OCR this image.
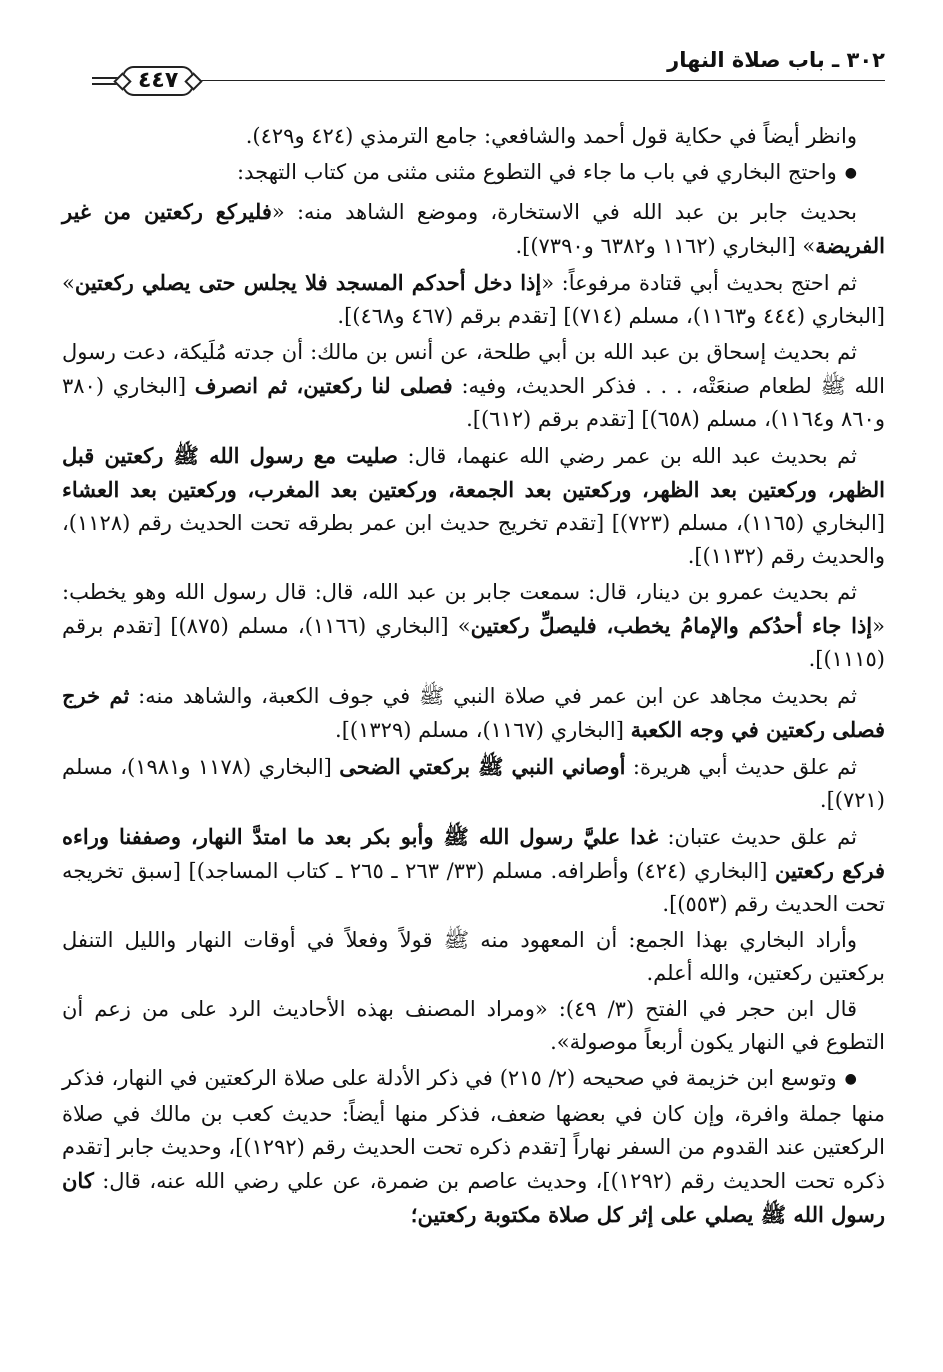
٣٠٢ ـ باب صلاة النهار
٤٤٧

وانظر أيضاً في حكاية قول أحمد والشافعي: جامع الترمذي (٤٢٤ و٤٢٩).

● واحتج البخاري في باب ما جاء في التطوع مثنى مثنى من كتاب التهجد:

بحديث جابر بن عبد الله في الاستخارة، وموضع الشاهد منه: «فليركع ركعتين من غير الفريضة» [البخاري (١١٦٢ و٦٣٨٢ و٧٣٩٠)].

ثم احتج بحديث أبي قتادة مرفوعاً: «إذا دخل أحدكم المسجد فلا يجلس حتى يصلي ركعتين» [البخاري (٤٤٤ و١١٦٣)، مسلم (٧١٤)] [تقدم برقم (٤٦٧ و٤٦٨)].

ثم بحديث إسحاق بن عبد الله بن أبي طلحة، عن أنس بن مالك: أن جدته مُلَيكة، دعت رسول الله ﷺ لطعام صنعَتْه، . . . فذكر الحديث، وفيه: فصلى لنا ركعتين، ثم انصرف [البخاري (٣٨٠ و٨٦٠ و١١٦٤)، مسلم (٦٥٨)] [تقدم برقم (٦١٢)].

ثم بحديث عبد الله بن عمر رضي الله عنهما، قال: صليت مع رسول الله ﷺ ركعتين قبل الظهر، وركعتين بعد الظهر، وركعتين بعد الجمعة، وركعتين بعد المغرب، وركعتين بعد العشاء [البخاري (١١٦٥)، مسلم (٧٢٣)] [تقدم تخريج حديث ابن عمر بطرقه تحت الحديث رقم (١١٢٨)، والحديث رقم (١١٣٢)].

ثم بحديث عمرو بن دينار، قال: سمعت جابر بن عبد الله، قال: قال رسول الله وهو يخطب: «إذا جاء أحدُكم والإمامُ يخطب، فليصلِّ ركعتين» [البخاري (١١٦٦)، مسلم (٨٧٥)] [تقدم برقم (١١١٥)].

ثم بحديث مجاهد عن ابن عمر في صلاة النبي ﷺ في جوف الكعبة، والشاهد منه: ثم خرج فصلى ركعتين في وجه الكعبة [البخاري (١١٦٧)، مسلم (١٣٢٩)].

ثم علق حديث أبي هريرة: أوصاني النبي ﷺ بركعتي الضحى [البخاري (١١٧٨ و١٩٨١)، مسلم (٧٢١)].

ثم علق حديث عتبان: غدا عليَّ رسول الله ﷺ وأبو بكر بعد ما امتدَّ النهار، وصففنا وراءه فركع ركعتين [البخاري (٤٢٤) وأطرافه. مسلم (٣٣/ ٢٦٣ ـ ٢٦٥ ـ كتاب المساجد)] [سبق تخريجه تحت الحديث رقم (٥٥٣)].

وأراد البخاري بهذا الجمع: أن المعهود منه ﷺ قولاً وفعلاً في أوقات النهار والليل التنفل بركعتين ركعتين، والله أعلم.

قال ابن حجر في الفتح (٣/ ٤٩): «ومراد المصنف بهذه الأحاديث الرد على من زعم أن التطوع في النهار يكون أربعاً موصولة».

● وتوسع ابن خزيمة في صحيحه (٢/ ٢١٥) في ذكر الأدلة على صلاة الركعتين في النهار، فذكر منها جملة وافرة، وإن كان في بعضها ضعف، فذكر منها أيضاً: حديث كعب بن مالك في صلاة الركعتين عند القدوم من السفر نهاراً [تقدم ذكره تحت الحديث رقم (١٢٩٢)]، وحديث جابر [تقدم ذكره تحت الحديث رقم (١٢٩٢)]، وحديث عاصم بن ضمرة، عن علي رضي الله عنه، قال: كان رسول الله ﷺ يصلي على إثر كل صلاة مكتوبة ركعتين؛
